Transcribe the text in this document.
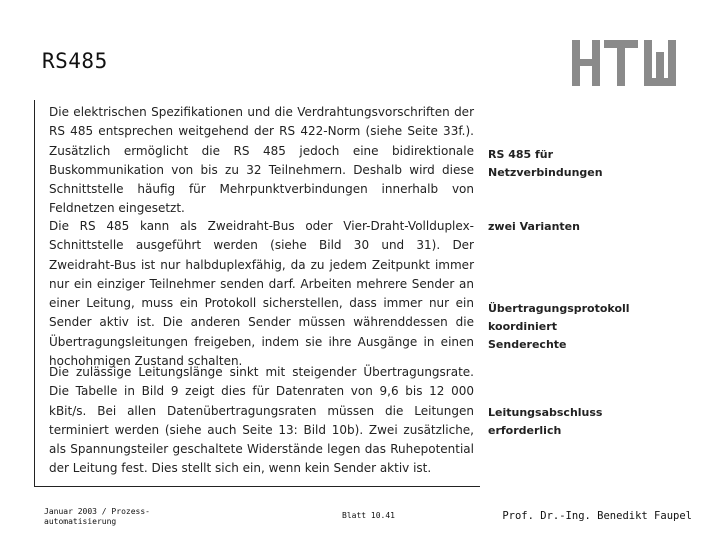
RS485

Die elektrischen Spezifikationen und die Verdrahtungsvorschriften der RS 485 entsprechen weitgehend der RS 422-Norm (siehe Seite 33f.). Zusätzlich ermöglicht die RS 485 jedoch eine bidirektionale Buskommunikation von bis zu 32 Teilnehmern. Deshalb wird diese Schnittstelle häufig für Mehrpunktverbindungen innerhalb von Feldnetzen eingesetzt.

Die RS 485 kann als Zweidraht-Bus oder Vier-Draht-Vollduplex-Schnittstelle ausgeführt werden (siehe Bild 30 und 31). Der Zweidraht-Bus ist nur halbduplexfähig, da zu jedem Zeitpunkt immer nur ein einziger Teilnehmer senden darf. Arbeiten mehrere Sender an einer Leitung, muss ein Protokoll sicherstellen, dass immer nur ein Sender aktiv ist. Die anderen Sender müssen währenddessen die Übertragungsleitungen freigeben, indem sie ihre Ausgänge in einen hochohmigen Zustand schalten.

Die zulässige Leitungslänge sinkt mit steigender Übertragungsrate. Die Tabelle in Bild 9 zeigt dies für Datenraten von 9,6 bis 12 000 kBit/s. Bei allen Datenübertragungsraten müssen die Leitungen terminiert werden (siehe auch Seite 13: Bild 10b). Zwei zusätzliche, als Spannungsteiler geschaltete Widerstände legen das Ruhepotential der Leitung fest. Dies stellt sich ein, wenn kein Sender aktiv ist.

RS 485 für Netzverbindungen

zwei Varianten

Übertragungsprotokoll koordiniert Senderechte

Leitungsabschluss erforderlich

Januar 2003 / Prozess-automatisierung
Blatt 10.41	Prof. Dr.-Ing. Benedikt Faupel
